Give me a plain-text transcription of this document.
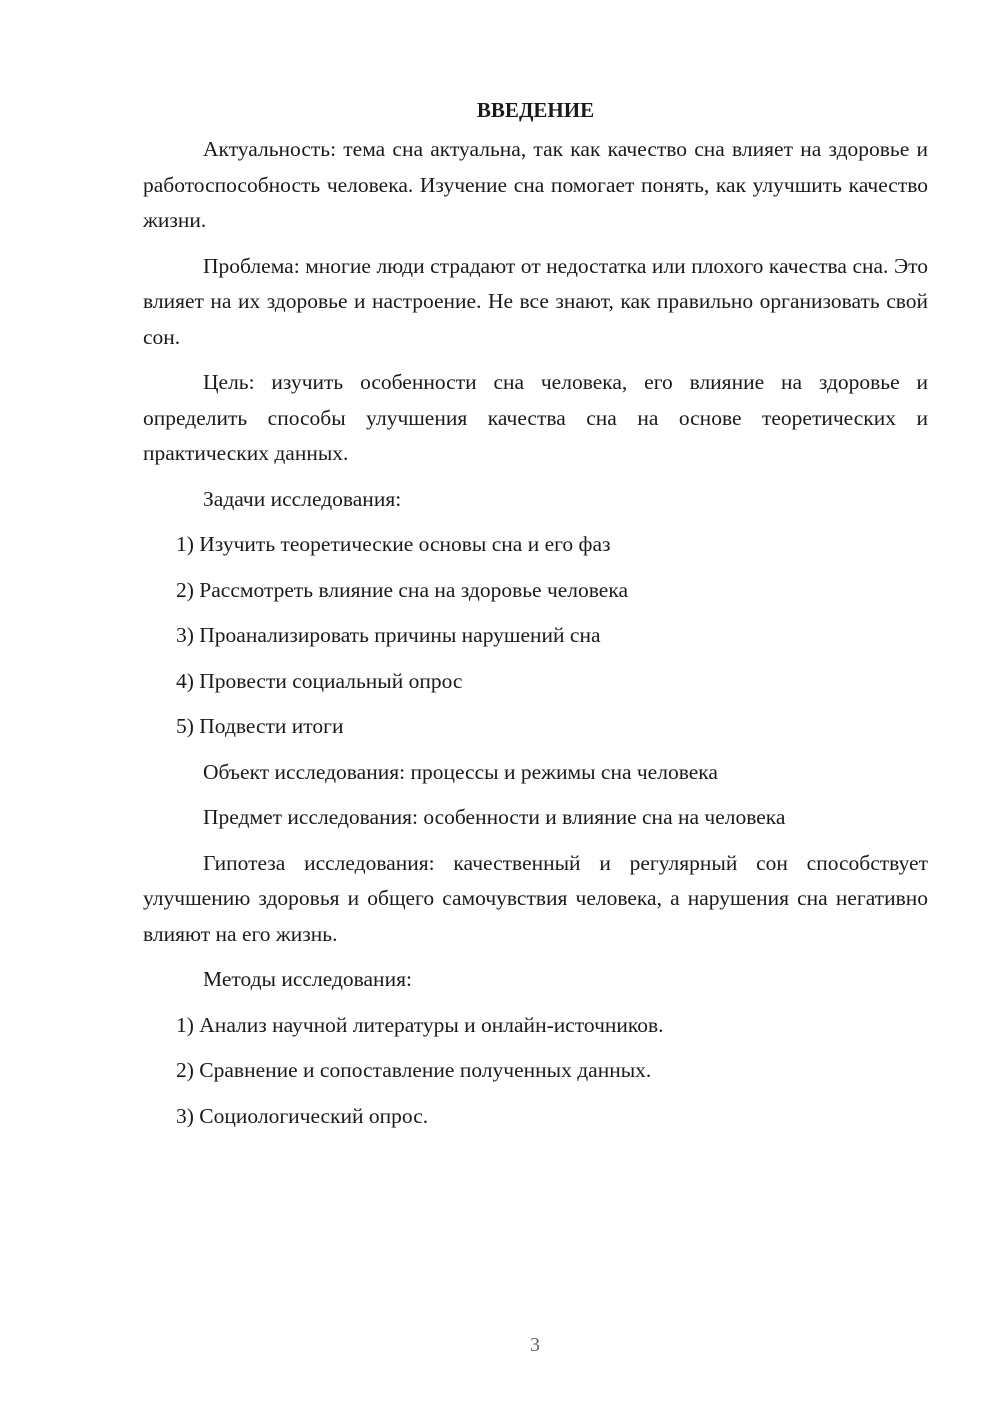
ВВЕДЕНИЕ

Актуальность: тема сна актуальна, так как качество сна влияет на здоровье и работоспособность человека. Изучение сна помогает понять, как улучшить качество жизни.

Проблема: многие люди страдают от недостатка или плохого качества сна. Это влияет на их здоровье и настроение. Не все знают, как правильно организовать свой сон.

Цель: изучить особенности сна человека, его влияние на здоровье и определить способы улучшения качества сна на основе теоретических и практических данных.

Задачи исследования:

1) Изучить теоретические основы сна и его фаз

2) Рассмотреть влияние сна на здоровье человека

3) Проанализировать причины нарушений сна

4) Провести социальный опрос

5) Подвести итоги

Объект исследования: процессы и режимы сна человека

Предмет исследования: особенности и влияние сна на человека

Гипотеза исследования: качественный и регулярный сон способствует улучшению здоровья и общего самочувствия человека, а нарушения сна негативно влияют на его жизнь.

Методы исследования:

1) Анализ научной литературы и онлайн-источников.

2) Сравнение и сопоставление полученных данных.

3) Социологический опрос.

3
